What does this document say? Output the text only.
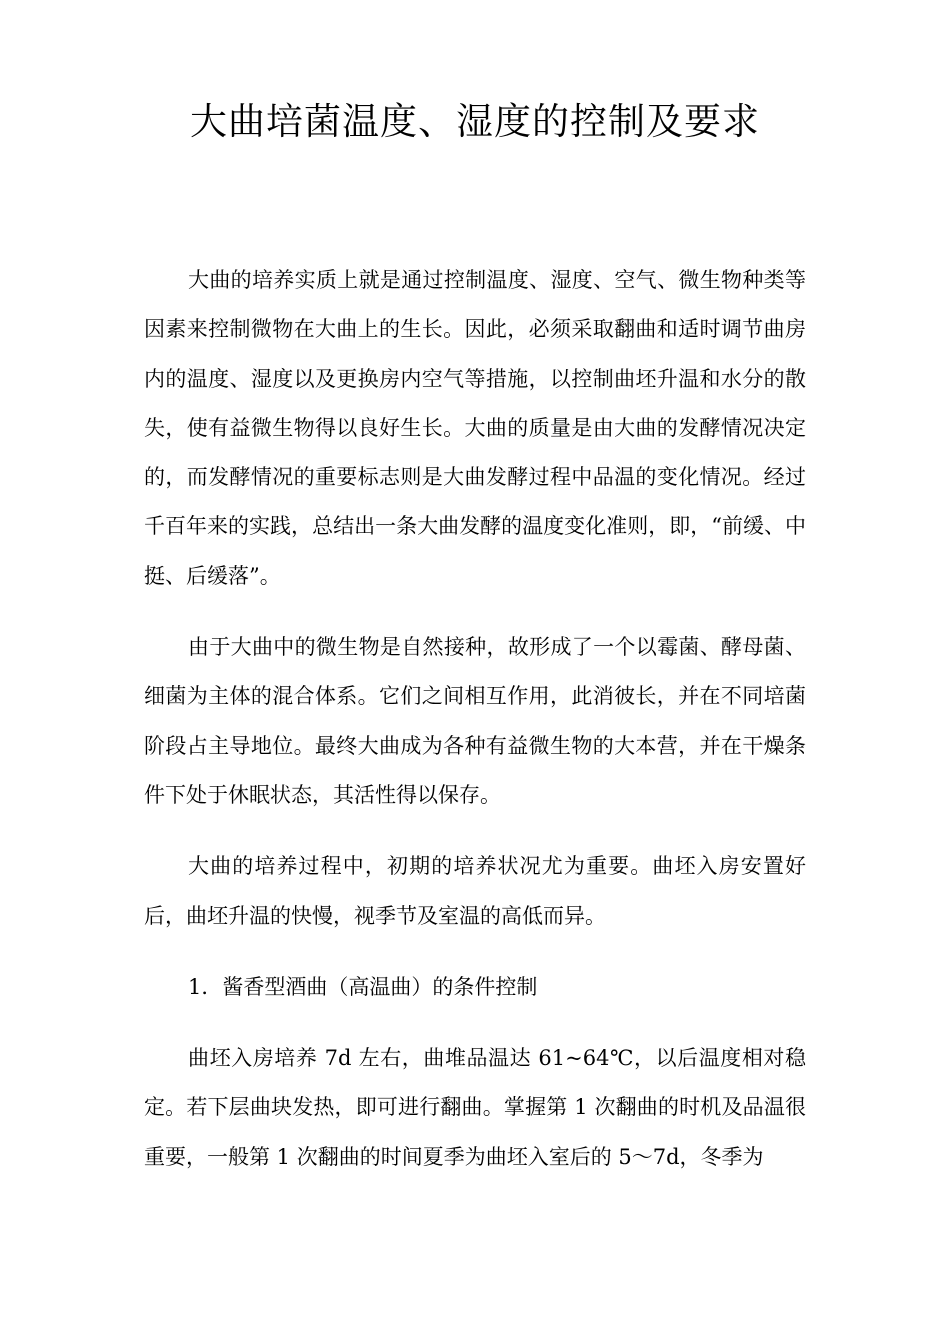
大曲培菌温度、湿度的控制及要求

大曲的培养实质上就是通过控制温度、湿度、空气、微生物种类等因素来控制微物在大曲上的生长。因此，必须采取翻曲和适时调节曲房内的温度、湿度以及更换房内空气等措施，以控制曲坯升温和水分的散失，使有益微生物得以良好生长。大曲的质量是由大曲的发酵情况决定的，而发酵情况的重要标志则是大曲发酵过程中品温的变化情况。经过千百年来的实践，总结出一条大曲发酵的温度变化准则，即，“前缓、中挺、后缓落”。

由于大曲中的微生物是自然接种，故形成了一个以霉菌、酵母菌、细菌为主体的混合体系。它们之间相互作用，此消彼长，并在不同培菌阶段占主导地位。最终大曲成为各种有益微生物的大本营，并在干燥条件下处于休眠状态，其活性得以保存。

大曲的培养过程中，初期的培养状况尤为重要。曲坯入房安置好后，曲坯升温的快慢，视季节及室温的高低而异。

1．酱香型酒曲（高温曲）的条件控制

曲坯入房培养 7d 左右，曲堆品温达 61~64℃，以后温度相对稳定。若下层曲块发热，即可进行翻曲。掌握第 1 次翻曲的时机及品温很重要，一般第 1 次翻曲的时间夏季为曲坯入室后的 5～7d，冬季为
